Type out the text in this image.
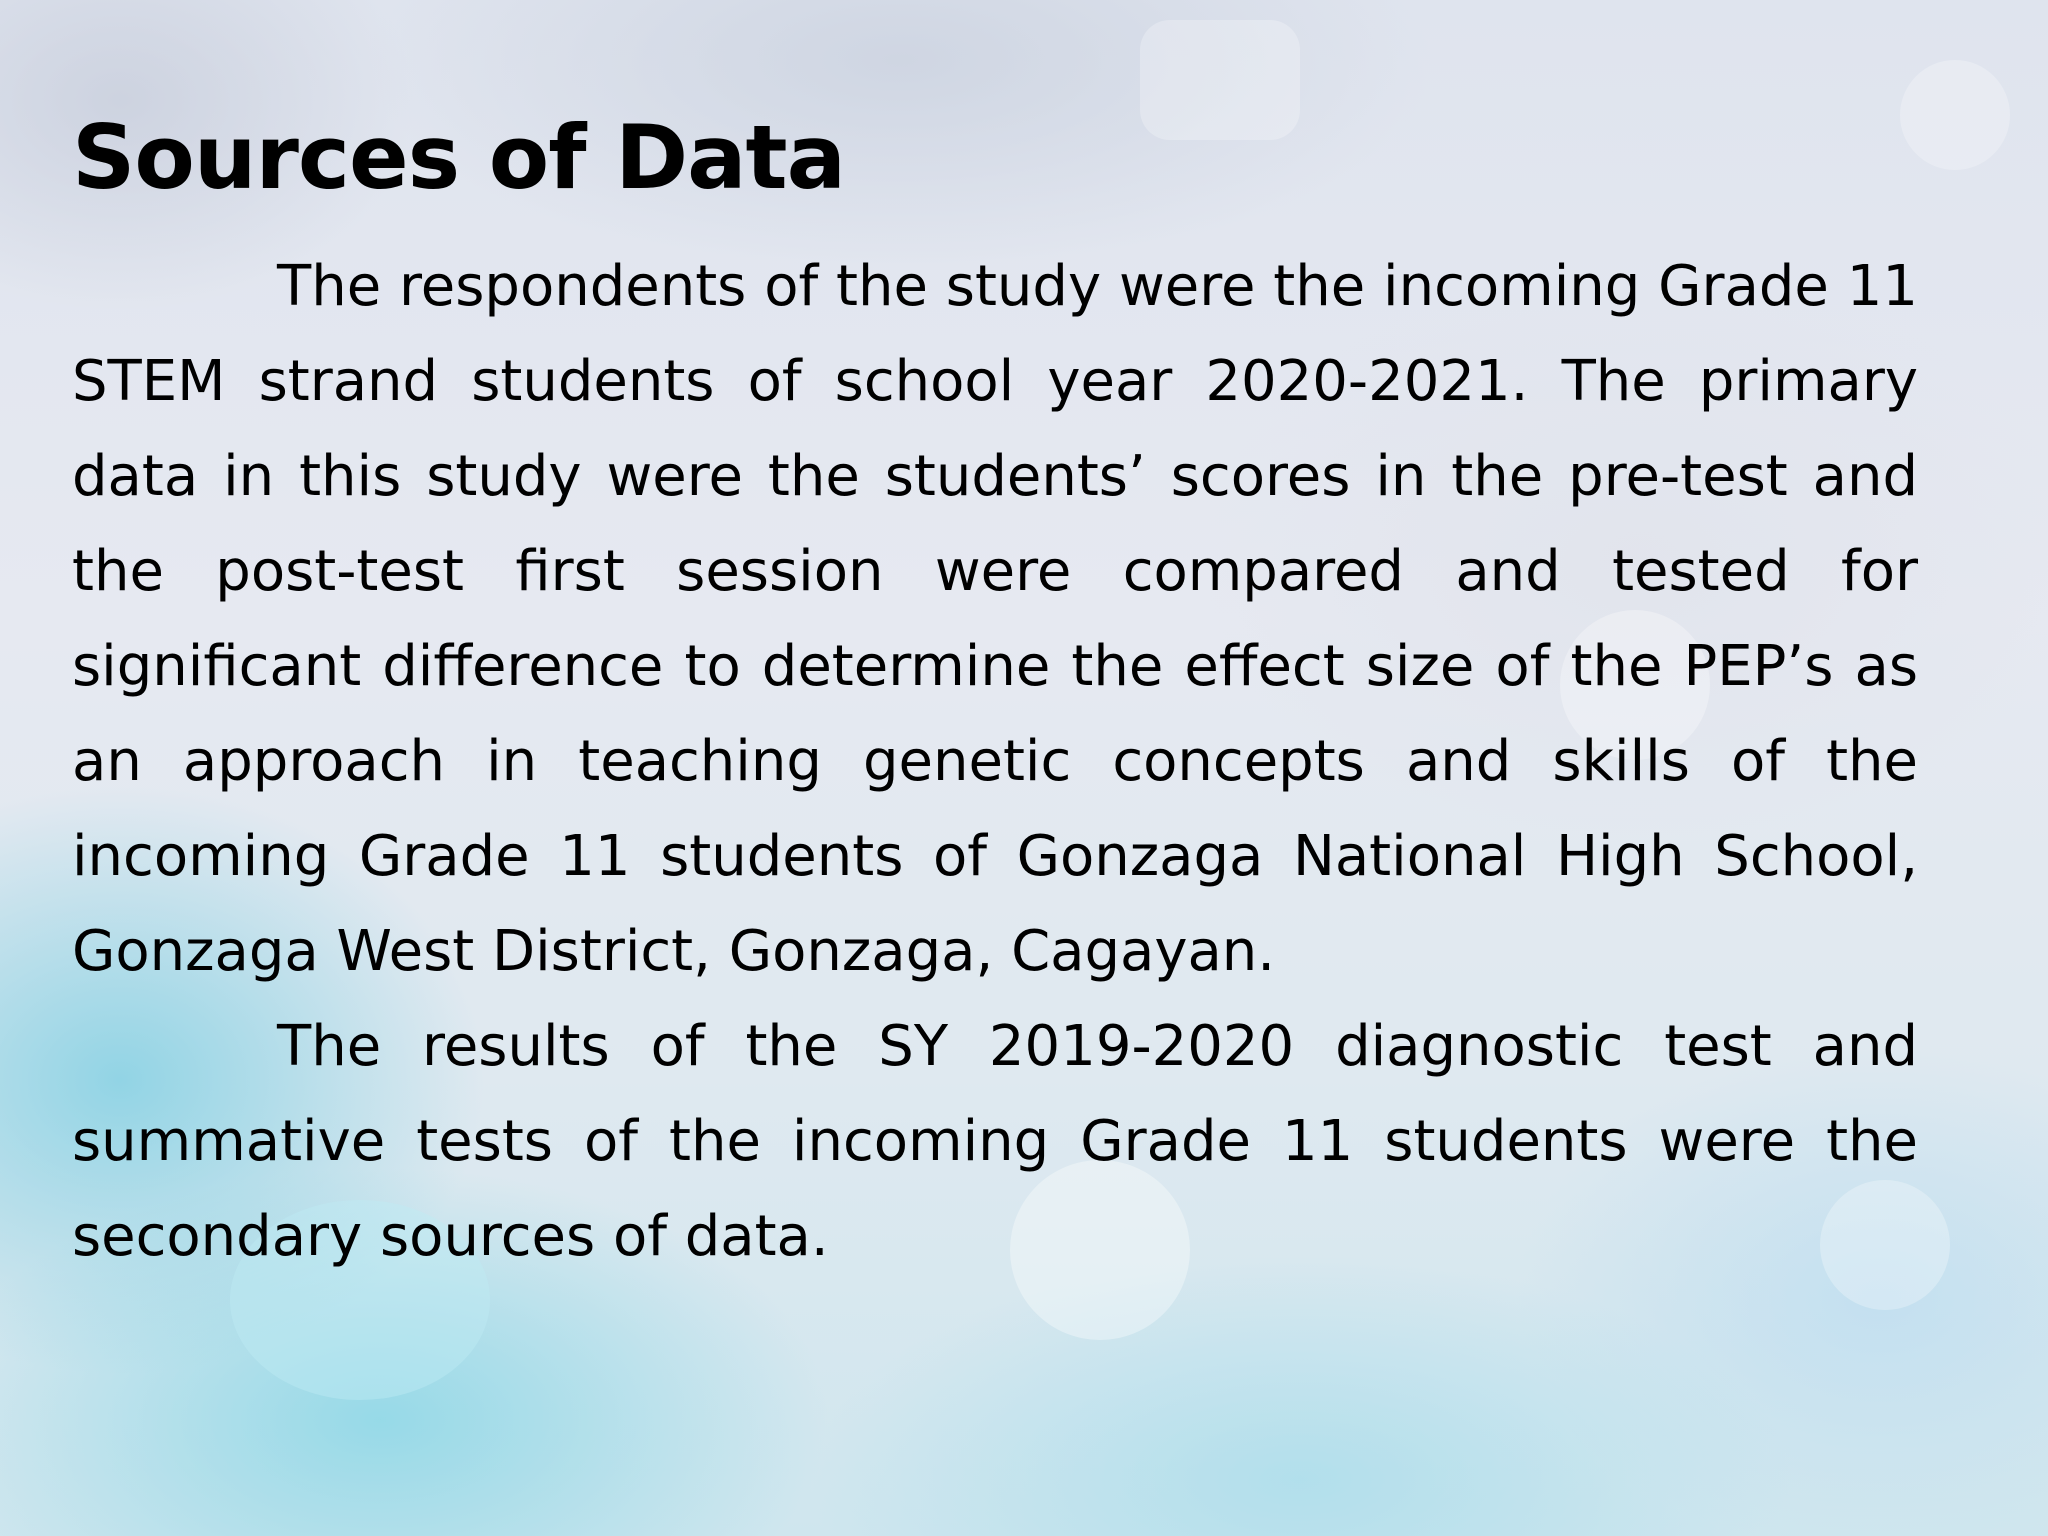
Sources of Data

The respondents of the study were the incoming Grade 11 STEM strand students of school year 2020-2021. The primary data in this study were the students’ scores in the pre-test and the post-test first session were compared and tested for significant difference to determine the effect size of the PEP’s as an approach in teaching genetic concepts and skills of the incoming Grade 11 students of Gonzaga National High School, Gonzaga West District, Gonzaga, Cagayan.

The results of the SY 2019-2020 diagnostic test and summative tests of the incoming Grade 11 students were the secondary sources of data.
